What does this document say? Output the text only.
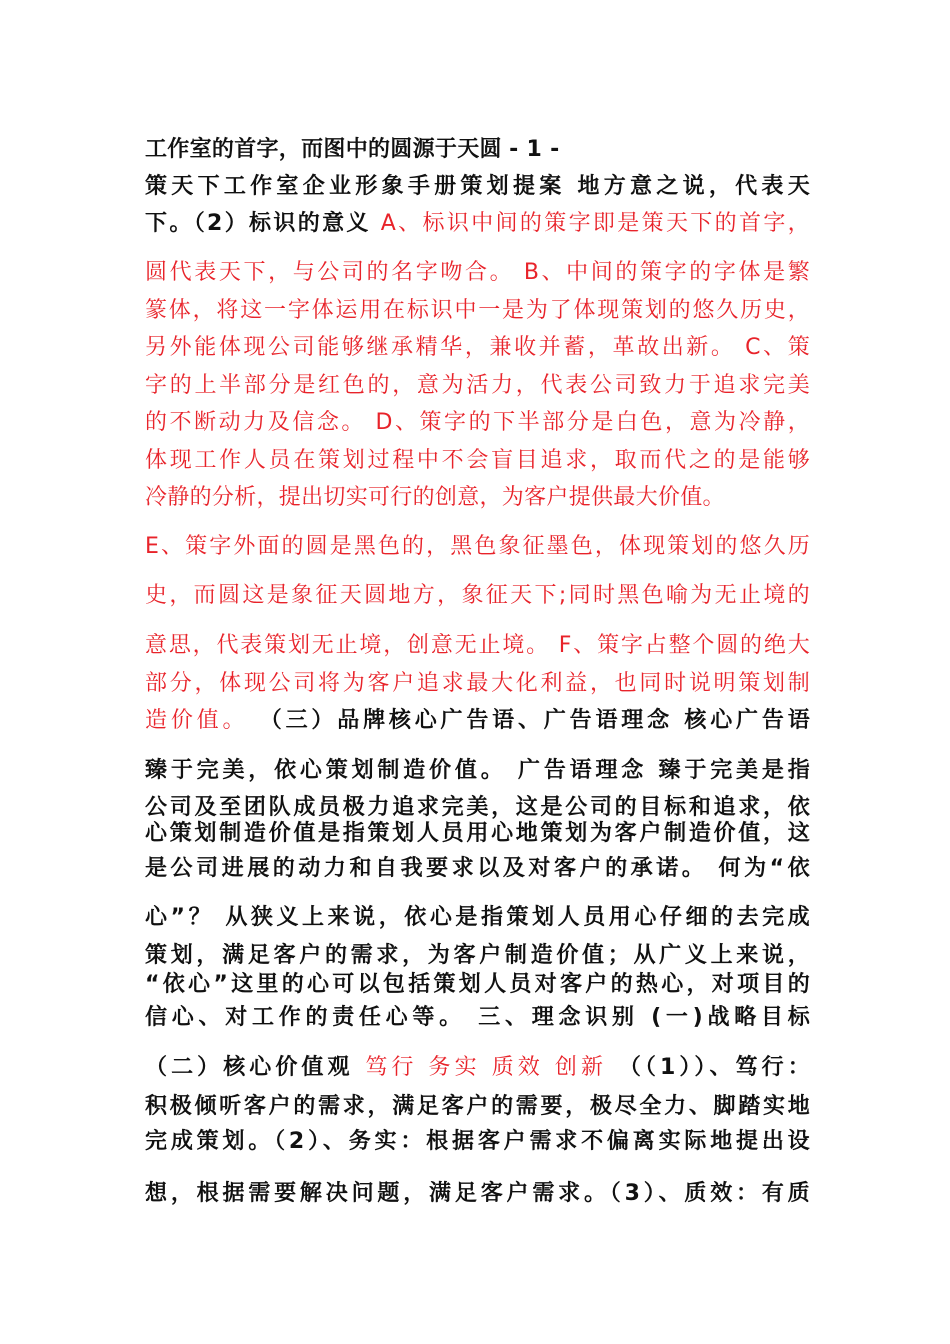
工作室的首字，而图中的圆源于天圆 - 1 -
策天下工作室企业形象手册策划提案 地方意之说，代表天
下。（2）标识的意义 A、标识中间的策字即是策天下的首字，
圆代表天下，与公司的名字吻合。 B、中间的策字的字体是繁
篆体，将这一字体运用在标识中一是为了体现策划的悠久历史，
另外能体现公司能够继承精华，兼收并蓄，革故出新。 C、策
字的上半部分是红色的，意为活力，代表公司致力于追求完美
的不断动力及信念。 D、策字的下半部分是白色，意为冷静，
体现工作人员在策划过程中不会盲目追求，取而代之的是能够
冷静的分析，提出切实可行的创意，为客户提供最大价值。
E、策字外面的圆是黑色的，黑色象征墨色，体现策划的悠久历
史，而圆这是象征天圆地方，象征天下;同时黑色喻为无止境的
意思，代表策划无止境，创意无止境。 F、策字占整个圆的绝大
部分，体现公司将为客户追求最大化利益，也同时说明策划制
造价值。 （三）品牌核心广告语、广告语理念 核心广告语
臻于完美，依心策划制造价值。 广告语理念 臻于完美是指
公司及至团队成员极力追求完美，这是公司的目标和追求，依
心策划制造价值是指策划人员用心地策划为客户制造价值，这
是公司进展的动力和自我要求以及对客户的承诺。 何为“依
心”？ 从狭义上来说，依心是指策划人员用心仔细的去完成
策划，满足客户的需求，为客户制造价值；从广义上来说，
“依心”这里的心可以包括策划人员对客户的热心，对项目的
信心、对工作的责任心等。 三、理念识别 (一)战略目标
（二）核心价值观 笃行 务实 质效 创新 （（1））、笃行：
积极倾听客户的需求，满足客户的需要，极尽全力、脚踏实地
完成策划。（2）、务实：根据客户需求不偏离实际地提出设
想，根据需要解决问题，满足客户需求。（3）、质效：有质
